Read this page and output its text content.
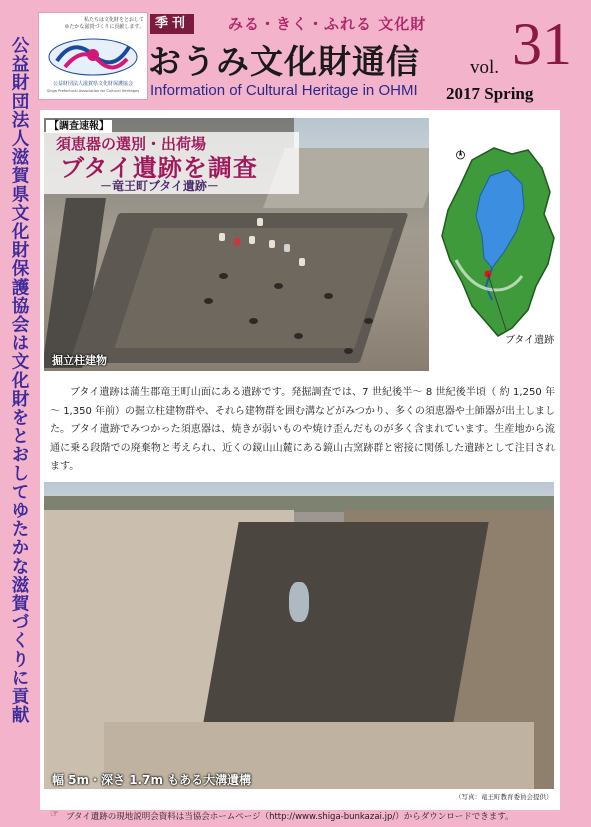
私たちは文化財をとおして
ゆたかな滋賀づくりに貢献します。
公益財団法人滋賀県文化財保護協会
Shiga Prefectural Association for Cultural Heritages
季刊	みる・きく・ふれる 文化財
おうみ文化財通信
Information of Cultural Heritage in OHMI
vol. 31
2017 Spring
公益財団法人滋賀県文化財保護協会は文化財をとおしてゆたかな滋賀づくりに貢献
【調査速報】
須恵器の選別・出荷場
ブタイ遺跡を調査
－竜王町ブタイ遺跡－
掘立柱建物
ブタイ遺跡
ブタイ遺跡は蒲生郡竜王町山面にある遺跡です。発掘調査では、7 世紀後半～ 8 世紀後半頃（ 約 1,250 年～ 1,350 年前）の掘立柱建物群や、それら建物群を囲む溝などがみつかり、多くの須恵器や土師器が出土しました。ブタイ遺跡でみつかった須恵器は、焼きが弱いものや焼け歪んだものが多く含まれています。生産地から流通に乗る段階での廃棄物と考えられ、近くの鏡山山麓にある鏡山古窯跡群と密接に関係した遺跡として注目されます。
幅 5m・深さ 1.7m もある大溝遺構
（写真：竜王町教育委員会提供）
☞ ブタイ遺跡の現地説明会資料は当協会ホームページ（http://www.shiga-bunkazai.jp/）からダウンロードできます。
